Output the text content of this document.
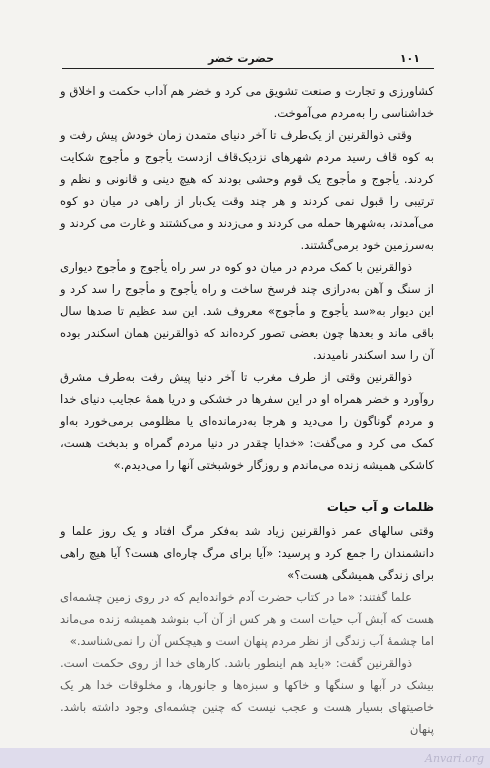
۱۰۱
حضرت خضر

کشاورزی و تجارت و صنعت تشویق می کرد و خضر هم آداب حکمت و اخلاق و خداشناسی را به‌مردم می‌آموخت.

وقتی ذوالقرنین از یک‌طرف تا آخر دنیای متمدن زمان خودش پیش رفت و به کوه قاف رسید مردم شهرهای نزدیک‌قاف ازدست یأجوج و مأجوج شکایت کردند. یأجوج و مأجوج یک قوم وحشی بودند که هیچ دینی و قانونی و نظم و ترتیبی را قبول نمی کردند و هر چند وقت یک‌بار از راهی در میان دو کوه می‌آمدند، به‌شهرها حمله می کردند و می‌زدند و می‌کشتند و غارت می کردند و به‌سرزمین خود برمی‌گشتند.

ذوالقرنین با کمک مردم در میان دو کوه در سر راه یأجوج و مأجوج دیواری از سنگ و آهن به‌درازی چند فرسخ ساخت و راه یأجوج و مأجوج را سد کرد و این دیوار به‌«سد یأجوج و مأجوج» معروف شد. این سد عظیم تا صدها سال باقی ماند و بعدها چون بعضی تصور کرده‌اند که ذوالقرنین همان اسکندر بوده آن را سد اسکندر نامیدند.

ذوالقرنین وقتی از طرف مغرب تا آخر دنیا پیش رفت به‌طرف مشرق روآورد و خضر همراه او در این سفرها در خشکی و دریا همهٔ عجایب دنیای خدا و مردم گوناگون را می‌دید و هرجا به‌درمانده‌ای یا مظلومی برمی‌خورد به‌او کمک می کرد و می‌گفت: «خدایا چقدر در دنیا مردم گمراه و بدبخت هست، کاشکی همیشه زنده می‌ماندم و روزگار خوشبختی آنها را می‌دیدم.»

ظلمات و آب حیات

وقتی سالهای عمر ذوالقرنین زیاد شد به‌فکر مرگ افتاد و یک روز علما و دانشمندان را جمع کرد و پرسید: «آیا برای مرگ چاره‌ای هست؟ آیا هیچ راهی برای زندگی همیشگی هست؟»

علما گفتند: «ما در کتاب حضرت آدم خوانده‌ایم که در روی زمین چشمه‌ای هست که آبش آب حیات است و هر کس از آن آب بنوشد همیشه زنده می‌ماند اما چشمهٔ آب زندگی از نظر مردم پنهان است و هیچکس آن را نمی‌شناسد.»

ذوالقرنین گفت: «باید هم اینطور باشد. کارهای خدا از روی حکمت است. بیشک در آبها و سنگها و خاکها و سبزه‌ها و جانورها، و مخلوقات خدا هر یک خاصیتهای بسیار هست و عجب نیست که چنین چشمه‌ای وجود داشته باشد. پنهان

Anvari.org
